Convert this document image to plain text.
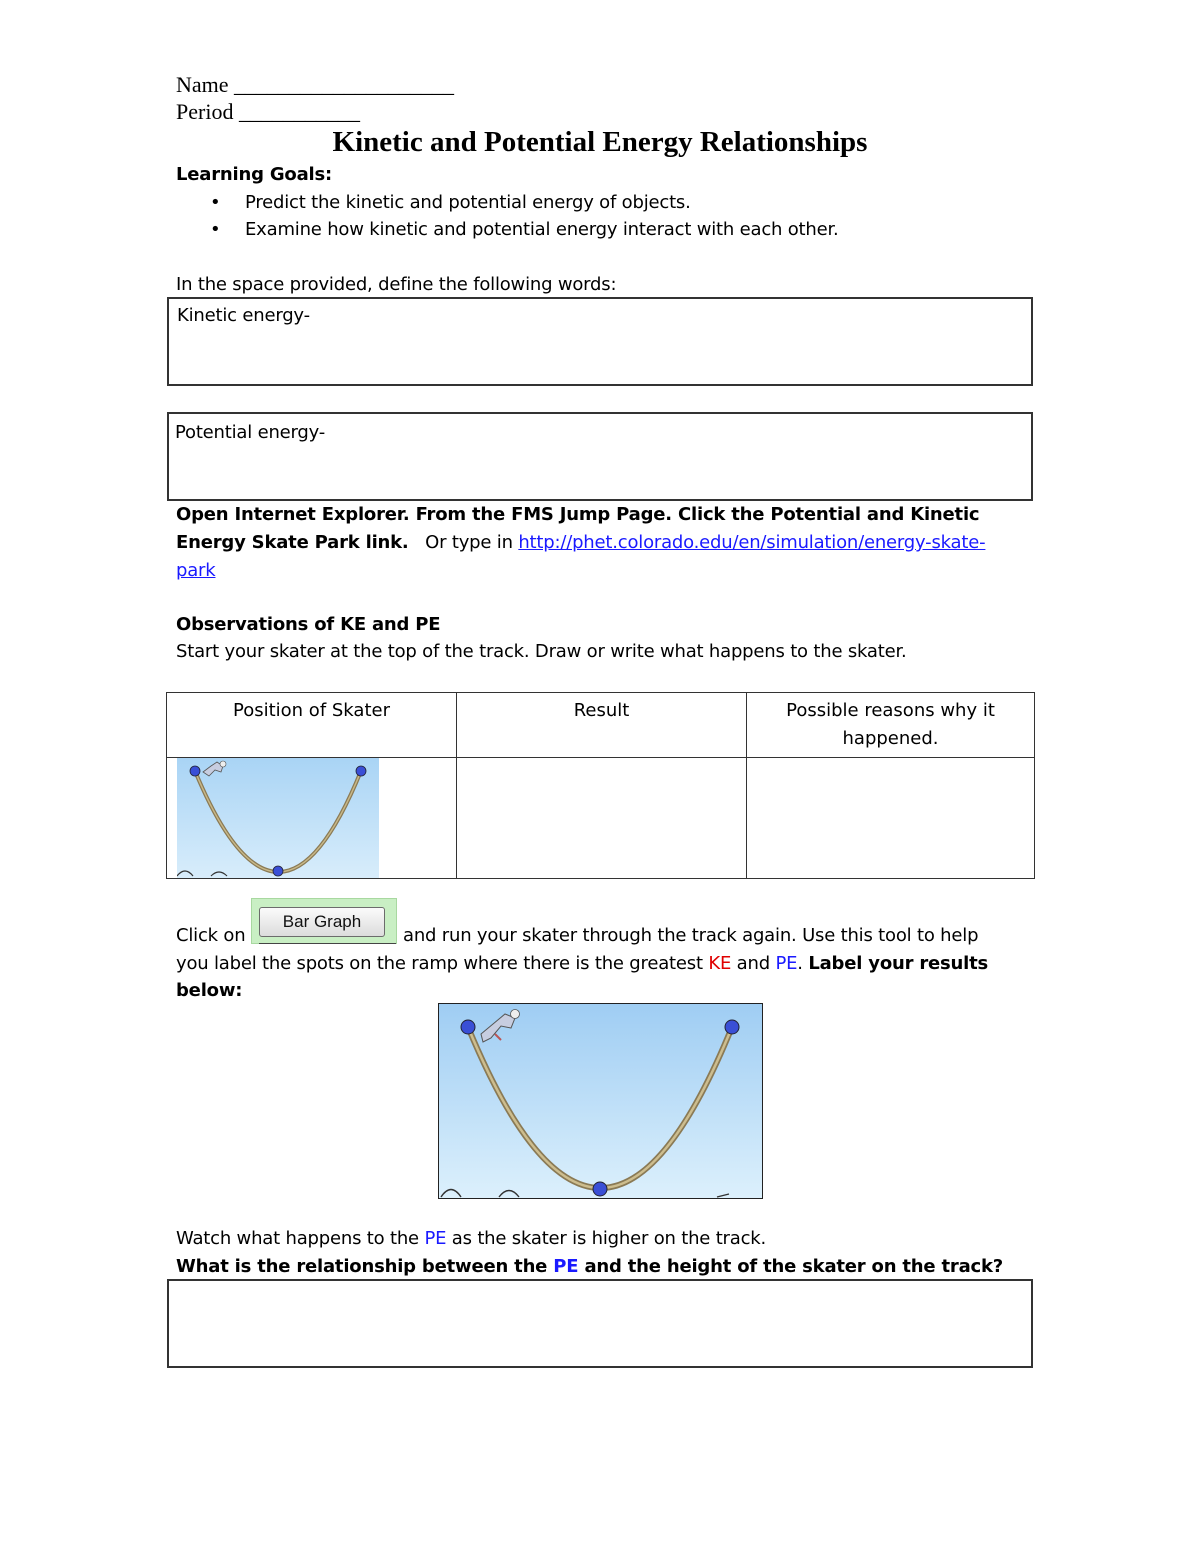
Name ____________________
Period ___________
Kinetic and Potential Energy Relationships
Learning Goals:
• Predict the kinetic and potential energy of objects.
• Examine how kinetic and potential energy interact with each other.
In the space provided, define the following words:
Kinetic energy-
Potential energy-
Open Internet Explorer. From the FMS Jump Page. Click the Potential and Kinetic
Energy Skate Park link. Or type in http://phet.colorado.edu/en/simulation/energy-skate-
park
Observations of KE and PE
Start your skater at the top of the track. Draw or write what happens to the skater.
Position of Skater	Result	Possible reasons why it happened.

Click on
Bar Graph
and run your skater through the track again. Use this tool to help
you label the spots on the ramp where there is the greatest KE and PE. Label your results
below:
Watch what happens to the PE as the skater is higher on the track.
What is the relationship between the PE and the height of the skater on the track?
